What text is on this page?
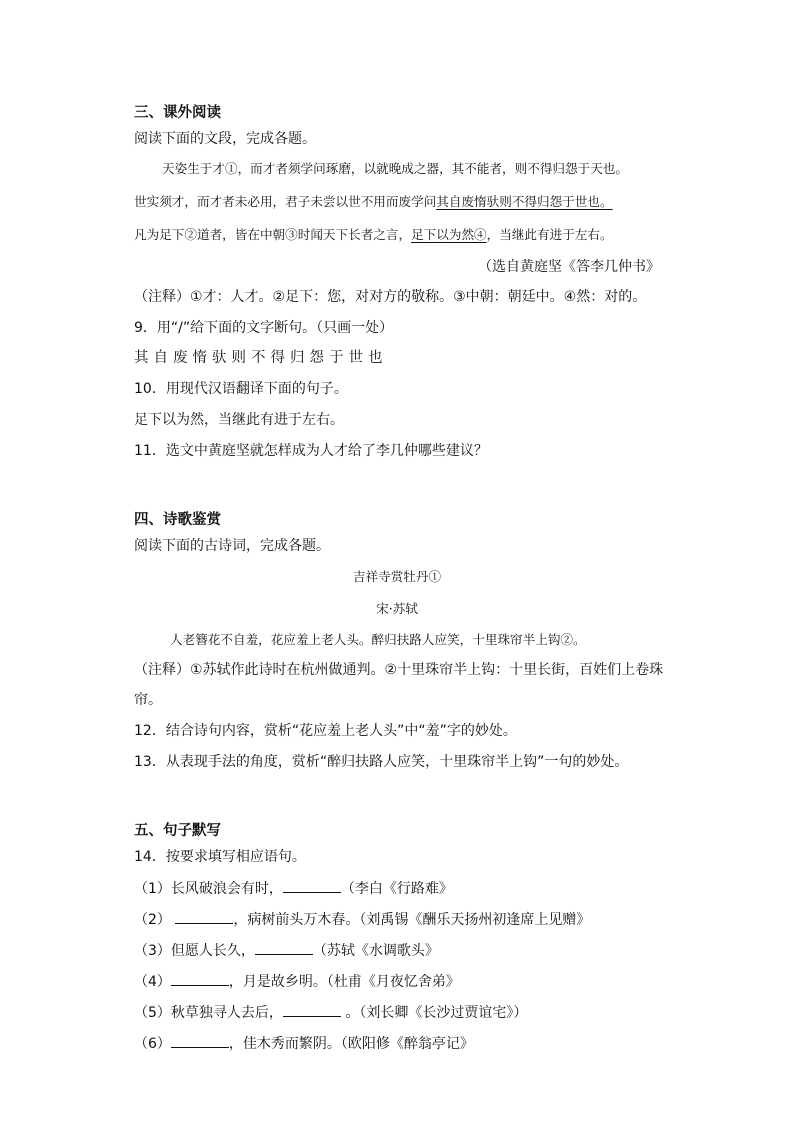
三、课外阅读
阅读下面的文段，完成各题。
天姿生于才①，而才者须学问琢磨，以就晚成之器，其不能者，则不得归怨于天也。
世实须才，而才者未必用，君子未尝以世不用而废学问其自废惰驮则不得归怨于世也。
凡为足下②道者，皆在中朝③时闻天下长者之言，足下以为然④，当继此有进于左右。
（选自黄庭坚《答李几仲书》
（注释）①才：人才。②足下：您，对对方的敬称。③中朝：朝廷中。④然：对的。
9．用“/”给下面的文字断句。（只画一处）
其自废惰驮则不得归怨于世也
10．用现代汉语翻译下面的句子。
足下以为然，当继此有进于左右。
11．选文中黄庭坚就怎样成为人才给了李几仲哪些建议？
四、诗歌鉴赏
阅读下面的古诗词，完成各题。
吉祥寺赏牡丹①
宋·苏轼
人老簪花不自羞，花应羞上老人头。醉归扶路人应笑，十里珠帘半上钩②。
（注释）①苏轼作此诗时在杭州做通判。②十里珠帘半上钩：十里长街，百姓们上卷珠
帘。
12．结合诗句内容，赏析“花应羞上老人头”中“羞”字的妙处。
13．从表现手法的角度，赏析“醉归扶路人应笑，十里珠帘半上钩”一句的妙处。
五、句子默写
14．按要求填写相应语句。
（1）长风破浪会有时，	（李白《行路难》
（2）	，病树前头万木春。（刘禹锡《酬乐天扬州初逢席上见赠》
（3）但愿人长久，	（苏轼《水调歌头》
（4）	，月是故乡明。（杜甫《月夜忆舍弟》
（5）秋草独寻人去后，	。（刘长卿《长沙过贾谊宅》）
（6）	，佳木秀而繁阴。（欧阳修《醉翁亭记》
